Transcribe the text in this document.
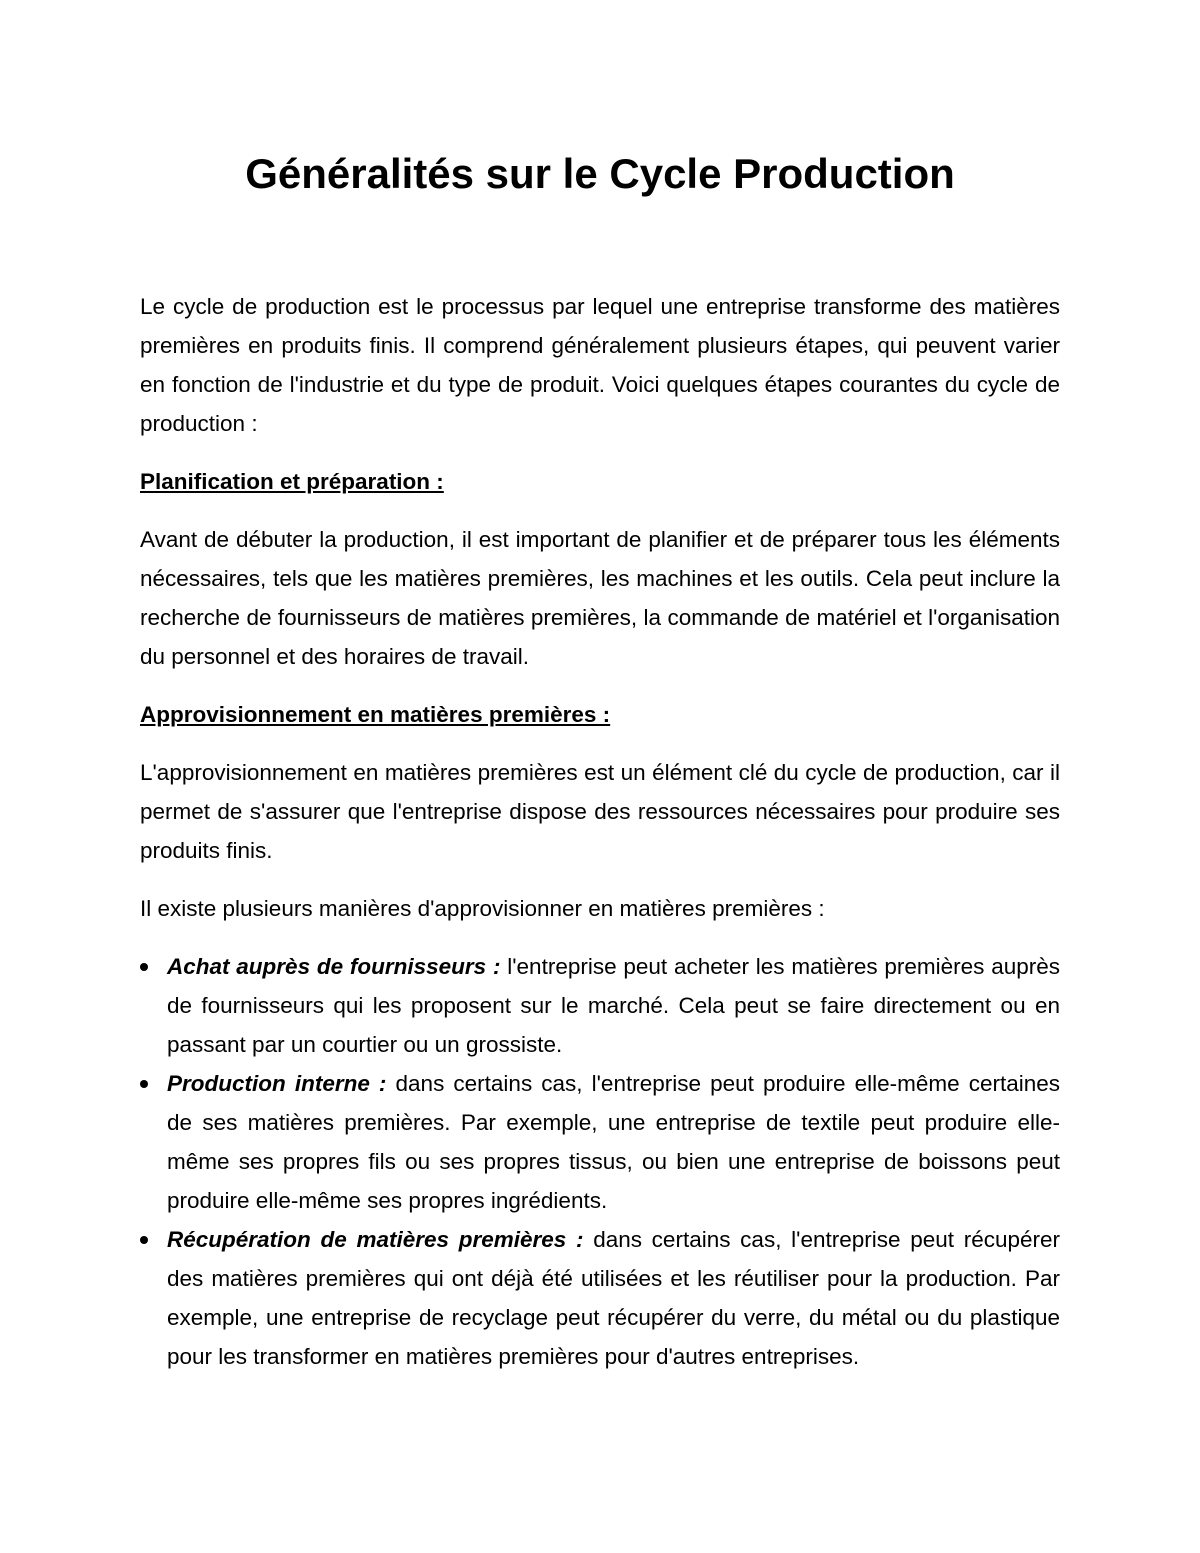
Généralités sur le Cycle Production

Le cycle de production est le processus par lequel une entreprise transforme des matières premières en produits finis. Il comprend généralement plusieurs étapes, qui peuvent varier en fonction de l'industrie et du type de produit. Voici quelques étapes courantes du cycle de production :

Planification et préparation :

Avant de débuter la production, il est important de planifier et de préparer tous les éléments nécessaires, tels que les matières premières, les machines et les outils. Cela peut inclure la recherche de fournisseurs de matières premières, la commande de matériel et l'organisation du personnel et des horaires de travail.

Approvisionnement en matières premières :

L'approvisionnement en matières premières est un élément clé du cycle de production, car il permet de s'assurer que l'entreprise dispose des ressources nécessaires pour produire ses produits finis.

Il existe plusieurs manières d'approvisionner en matières premières :

Achat auprès de fournisseurs : l'entreprise peut acheter les matières premières auprès de fournisseurs qui les proposent sur le marché. Cela peut se faire directement ou en passant par un courtier ou un grossiste.
Production interne : dans certains cas, l'entreprise peut produire elle-même certaines de ses matières premières. Par exemple, une entreprise de textile peut produire elle-même ses propres fils ou ses propres tissus, ou bien une entreprise de boissons peut produire elle-même ses propres ingrédients.
Récupération de matières premières : dans certains cas, l'entreprise peut récupérer des matières premières qui ont déjà été utilisées et les réutiliser pour la production. Par exemple, une entreprise de recyclage peut récupérer du verre, du métal ou du plastique pour les transformer en matières premières pour d'autres entreprises.
